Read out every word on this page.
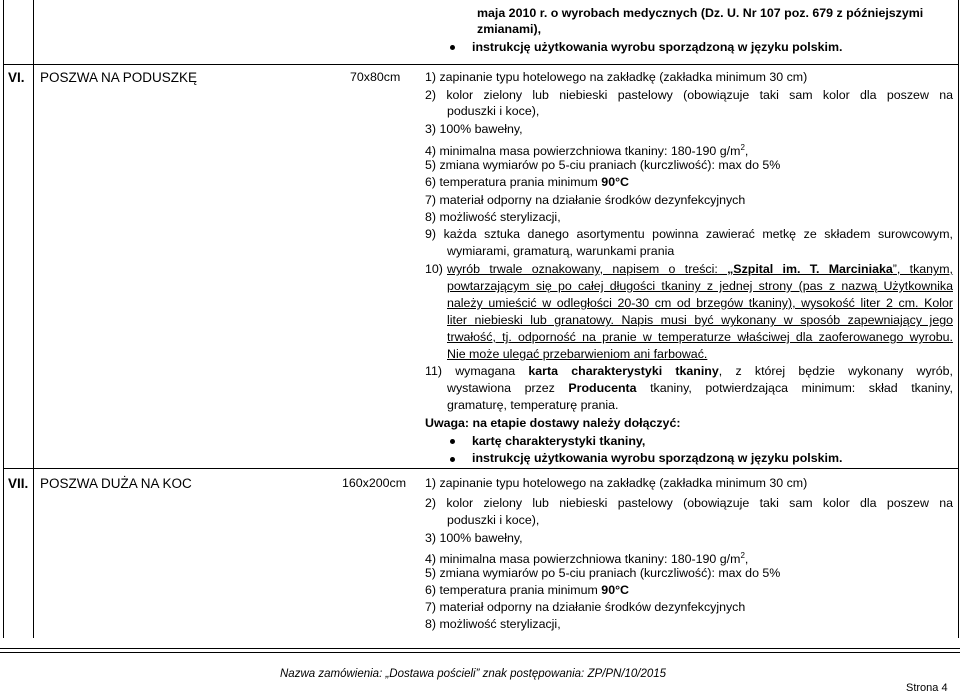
maja 2010 r. o wyrobach medycznych (Dz. U. Nr 107 poz. 679 z późniejszymi
zmianami),
instrukcję użytkowania wyrobu sporządzoną w języku polskim.
VI. POSZWA NA PODUSZKĘ	70x80cm 1) zapinanie typu hotelowego na zakładkę (zakładka minimum 30 cm)
2) kolor zielony lub niebieski pastelowy (obowiązuje taki sam kolor dla poszew na
poduszki i koce),
3) 100% bawełny,
4) minimalna masa powierzchniowa tkaniny: 180-190 $g/m^2$,
5) zmiana wymiarów po 5-ciu praniach (kurczliwość): max do 5%
6) temperatura prania minimum 90°C
7) materiał odporny na działanie środków dezynfekcyjnych
8) możliwość sterylizacji,
9) każda sztuka danego asortymentu powinna zawierać metkę ze składem surowcowym,
wymiarami, gramaturą, warunkami prania
10) wyrób trwale oznakowany, napisem o treści: „Szpital im. T. Marciniaka”, tkanym,
powtarzającym się po całej długości tkaniny z jednej strony (pas z nazwą Użytkownika
należy umieścić w odległości 20-30 cm od brzegów tkaniny), wysokość liter 2 cm. Kolor
liter niebieski lub granatowy. Napis musi być wykonany w sposób zapewniający jego
trwałość, tj. odporność na pranie w temperaturze właściwej dla zaoferowanego wyrobu.
Nie może ulegać przebarwieniom ani farbować.
11) wymagana karta charakterystyki tkaniny, z której będzie wykonany wyrób,
wystawiona przez Producenta tkaniny, potwierdzająca minimum: skład tkaniny,
gramaturę, temperaturę prania.
Uwaga: na etapie dostawy należy dołączyć:
kartę charakterystyki tkaniny,
instrukcję użytkowania wyrobu sporządzoną w języku polskim.
VII. POSZWA DUŻA NA KOC	160x200cm 1) zapinanie typu hotelowego na zakładkę (zakładka minimum 30 cm)
2) kolor zielony lub niebieski pastelowy (obowiązuje taki sam kolor dla poszew na
poduszki i koce),
3) 100% bawełny,
4) minimalna masa powierzchniowa tkaniny: 180-190 $g/m^2$,
5) zmiana wymiarów po 5-ciu praniach (kurczliwość): max do 5%
6) temperatura prania minimum 90°C
7) materiał odporny na działanie środków dezynfekcyjnych
8) możliwość sterylizacji,
Nazwa zamówienia: „Dostawa pościeli” znak postępowania: ZP/PN/10/2015
Strona 4
